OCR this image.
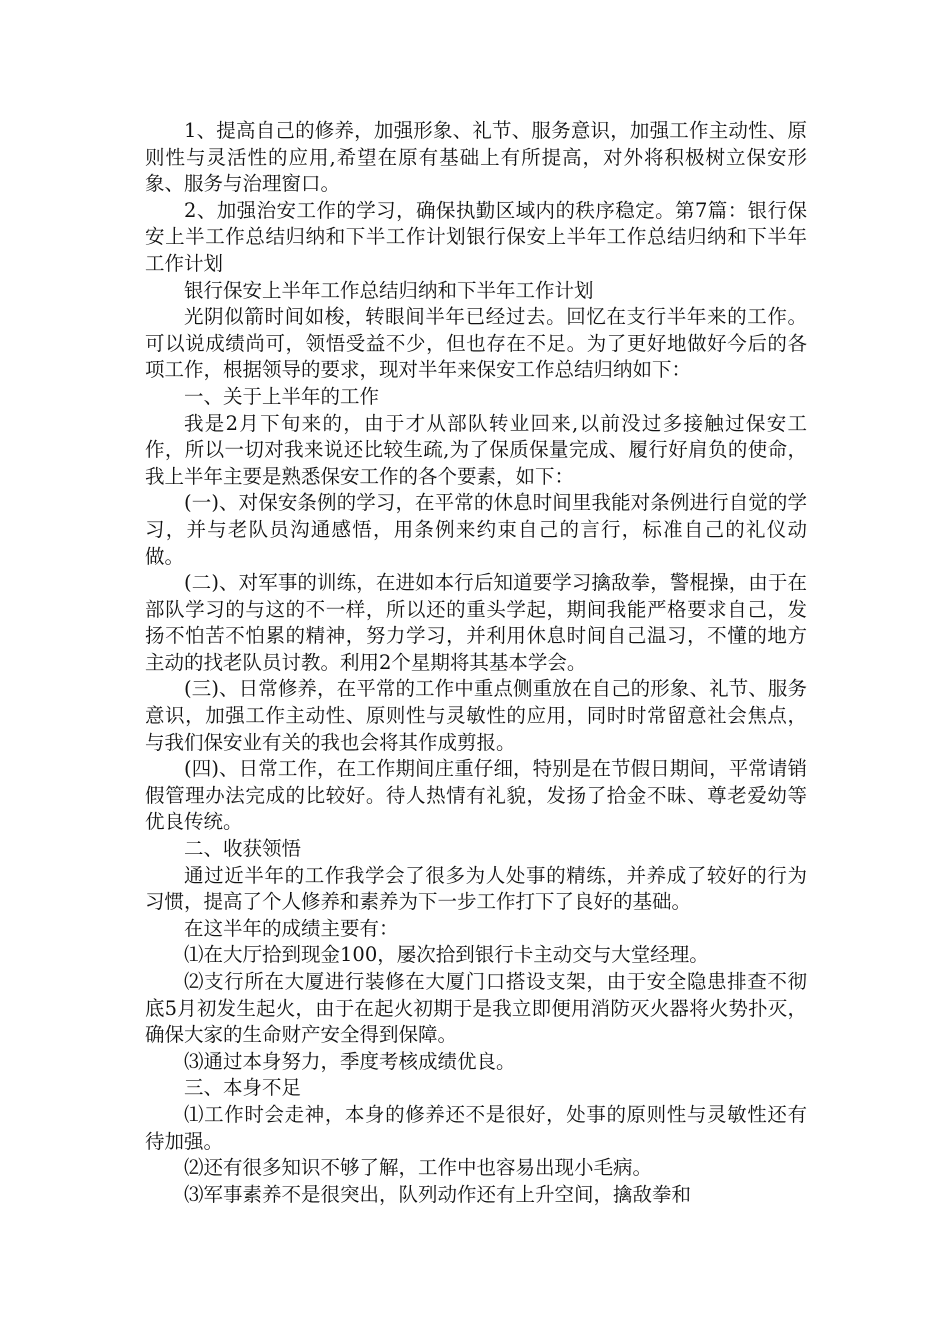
1、提高自己的修养，加强形象、礼节、服务意识，加强工作主动性、原则性与灵活性的应用,希望在原有基础上有所提高，对外将积极树立保安形象、服务与治理窗口。

2、加强治安工作的学习，确保执勤区域内的秩序稳定。第7篇：银行保安上半工作总结归纳和下半工作计划银行保安上半年工作总结归纳和下半年工作计划

银行保安上半年工作总结归纳和下半年工作计划

光阴似箭时间如梭，转眼间半年已经过去。回忆在支行半年来的工作。可以说成绩尚可，领悟受益不少，但也存在不足。为了更好地做好今后的各项工作，根据领导的要求，现对半年来保安工作总结归纳如下：

一、关于上半年的工作

我是2月下旬来的，由于才从部队转业回来,以前没过多接触过保安工作，所以一切对我来说还比较生疏,为了保质保量完成、履行好肩负的使命，我上半年主要是熟悉保安工作的各个要素，如下：

(一)、对保安条例的学习，在平常的休息时间里我能对条例进行自觉的学习，并与老队员沟通感悟，用条例来约束自己的言行，标准自己的礼仪动做。

(二)、对军事的训练，在进如本行后知道要学习擒敌拳，警棍操，由于在部队学习的与这的不一样，所以还的重头学起，期间我能严格要求自己，发扬不怕苦不怕累的精神，努力学习，并利用休息时间自己温习，不懂的地方主动的找老队员讨教。利用2个星期将其基本学会。

(三)、日常修养，在平常的工作中重点侧重放在自己的形象、礼节、服务意识，加强工作主动性、原则性与灵敏性的应用，同时时常留意社会焦点，与我们保安业有关的我也会将其作成剪报。

(四)、日常工作，在工作期间庄重仔细，特别是在节假日期间，平常请销假管理办法完成的比较好。待人热情有礼貌，发扬了拾金不昧、尊老爱幼等优良传统。

二、收获领悟

通过近半年的工作我学会了很多为人处事的精练，并养成了较好的行为习惯，提高了个人修养和素养为下一步工作打下了良好的基础。

在这半年的成绩主要有：

⑴在大厅拾到现金100，屡次拾到银行卡主动交与大堂经理。

⑵支行所在大厦进行装修在大厦门口搭设支架，由于安全隐患排查不彻底5月初发生起火，由于在起火初期于是我立即便用消防灭火器将火势扑灭，确保大家的生命财产安全得到保障。

⑶通过本身努力，季度考核成绩优良。

三、本身不足

⑴工作时会走神，本身的修养还不是很好，处事的原则性与灵敏性还有待加强。

⑵还有很多知识不够了解，工作中也容易出现小毛病。

⑶军事素养不是很突出，队列动作还有上升空间，擒敌拳和
